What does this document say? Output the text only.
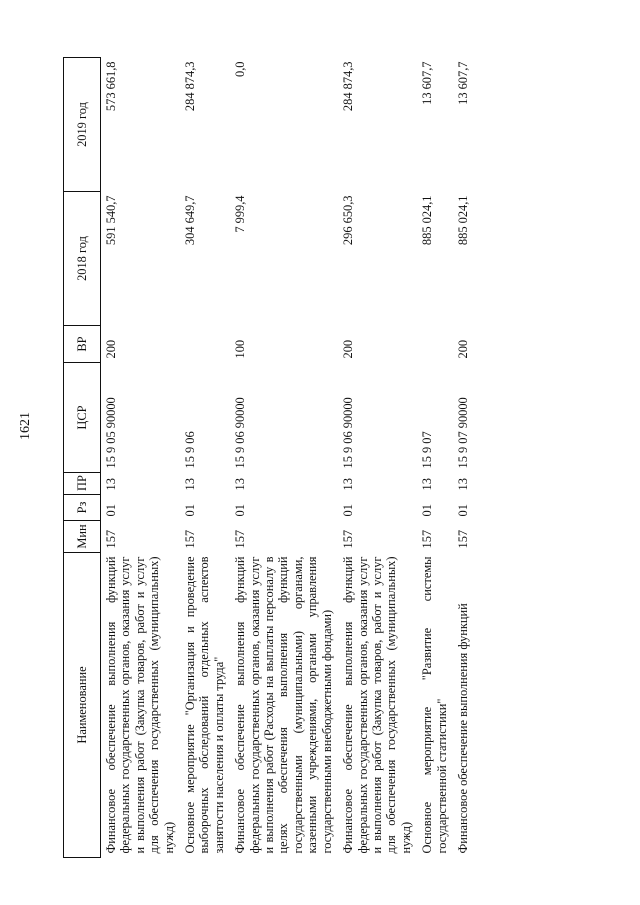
1621
Наименование	Мин	Рз	ПР	ЦСР	ВР	2018 год	2019 год
Финансовое обеспечение выполнения функций федеральных государственных органов, оказания услуг и выполнения работ (Закупка товаров, работ и услуг для обеспечения государственных (муниципальных) нужд)	157	01	13	15 9 05 90000	200	591 540,7	573 661,8
Основное мероприятие "Организация и проведение выборочных обследований отдельных аспектов занятости населения и оплаты труда"	157	01	13	15 9 06		304 649,7	284 874,3
Финансовое обеспечение выполнения функций федеральных государственных органов, оказания услуг и выполнения работ (Расходы на выплаты персоналу в целях обеспечения выполнения функций государственными (муниципальными) органами, казенными учреждениями, органами управления государственными внебюджетными фондами)	157	01	13	15 9 06 90000	100	7 999,4	0,0
Финансовое обеспечение выполнения функций федеральных государственных органов, оказания услуг и выполнения работ (Закупка товаров, работ и услуг для обеспечения государственных (муниципальных) нужд)	157	01	13	15 9 06 90000	200	296 650,3	284 874,3
Основное мероприятие "Развитие системы государственной статистики"	157	01	13	15 9 07		885 024,1	13 607,7
Финансовое обеспечение выполнения функций	157	01	13	15 9 07 90000	200	885 024,1	13 607,7
